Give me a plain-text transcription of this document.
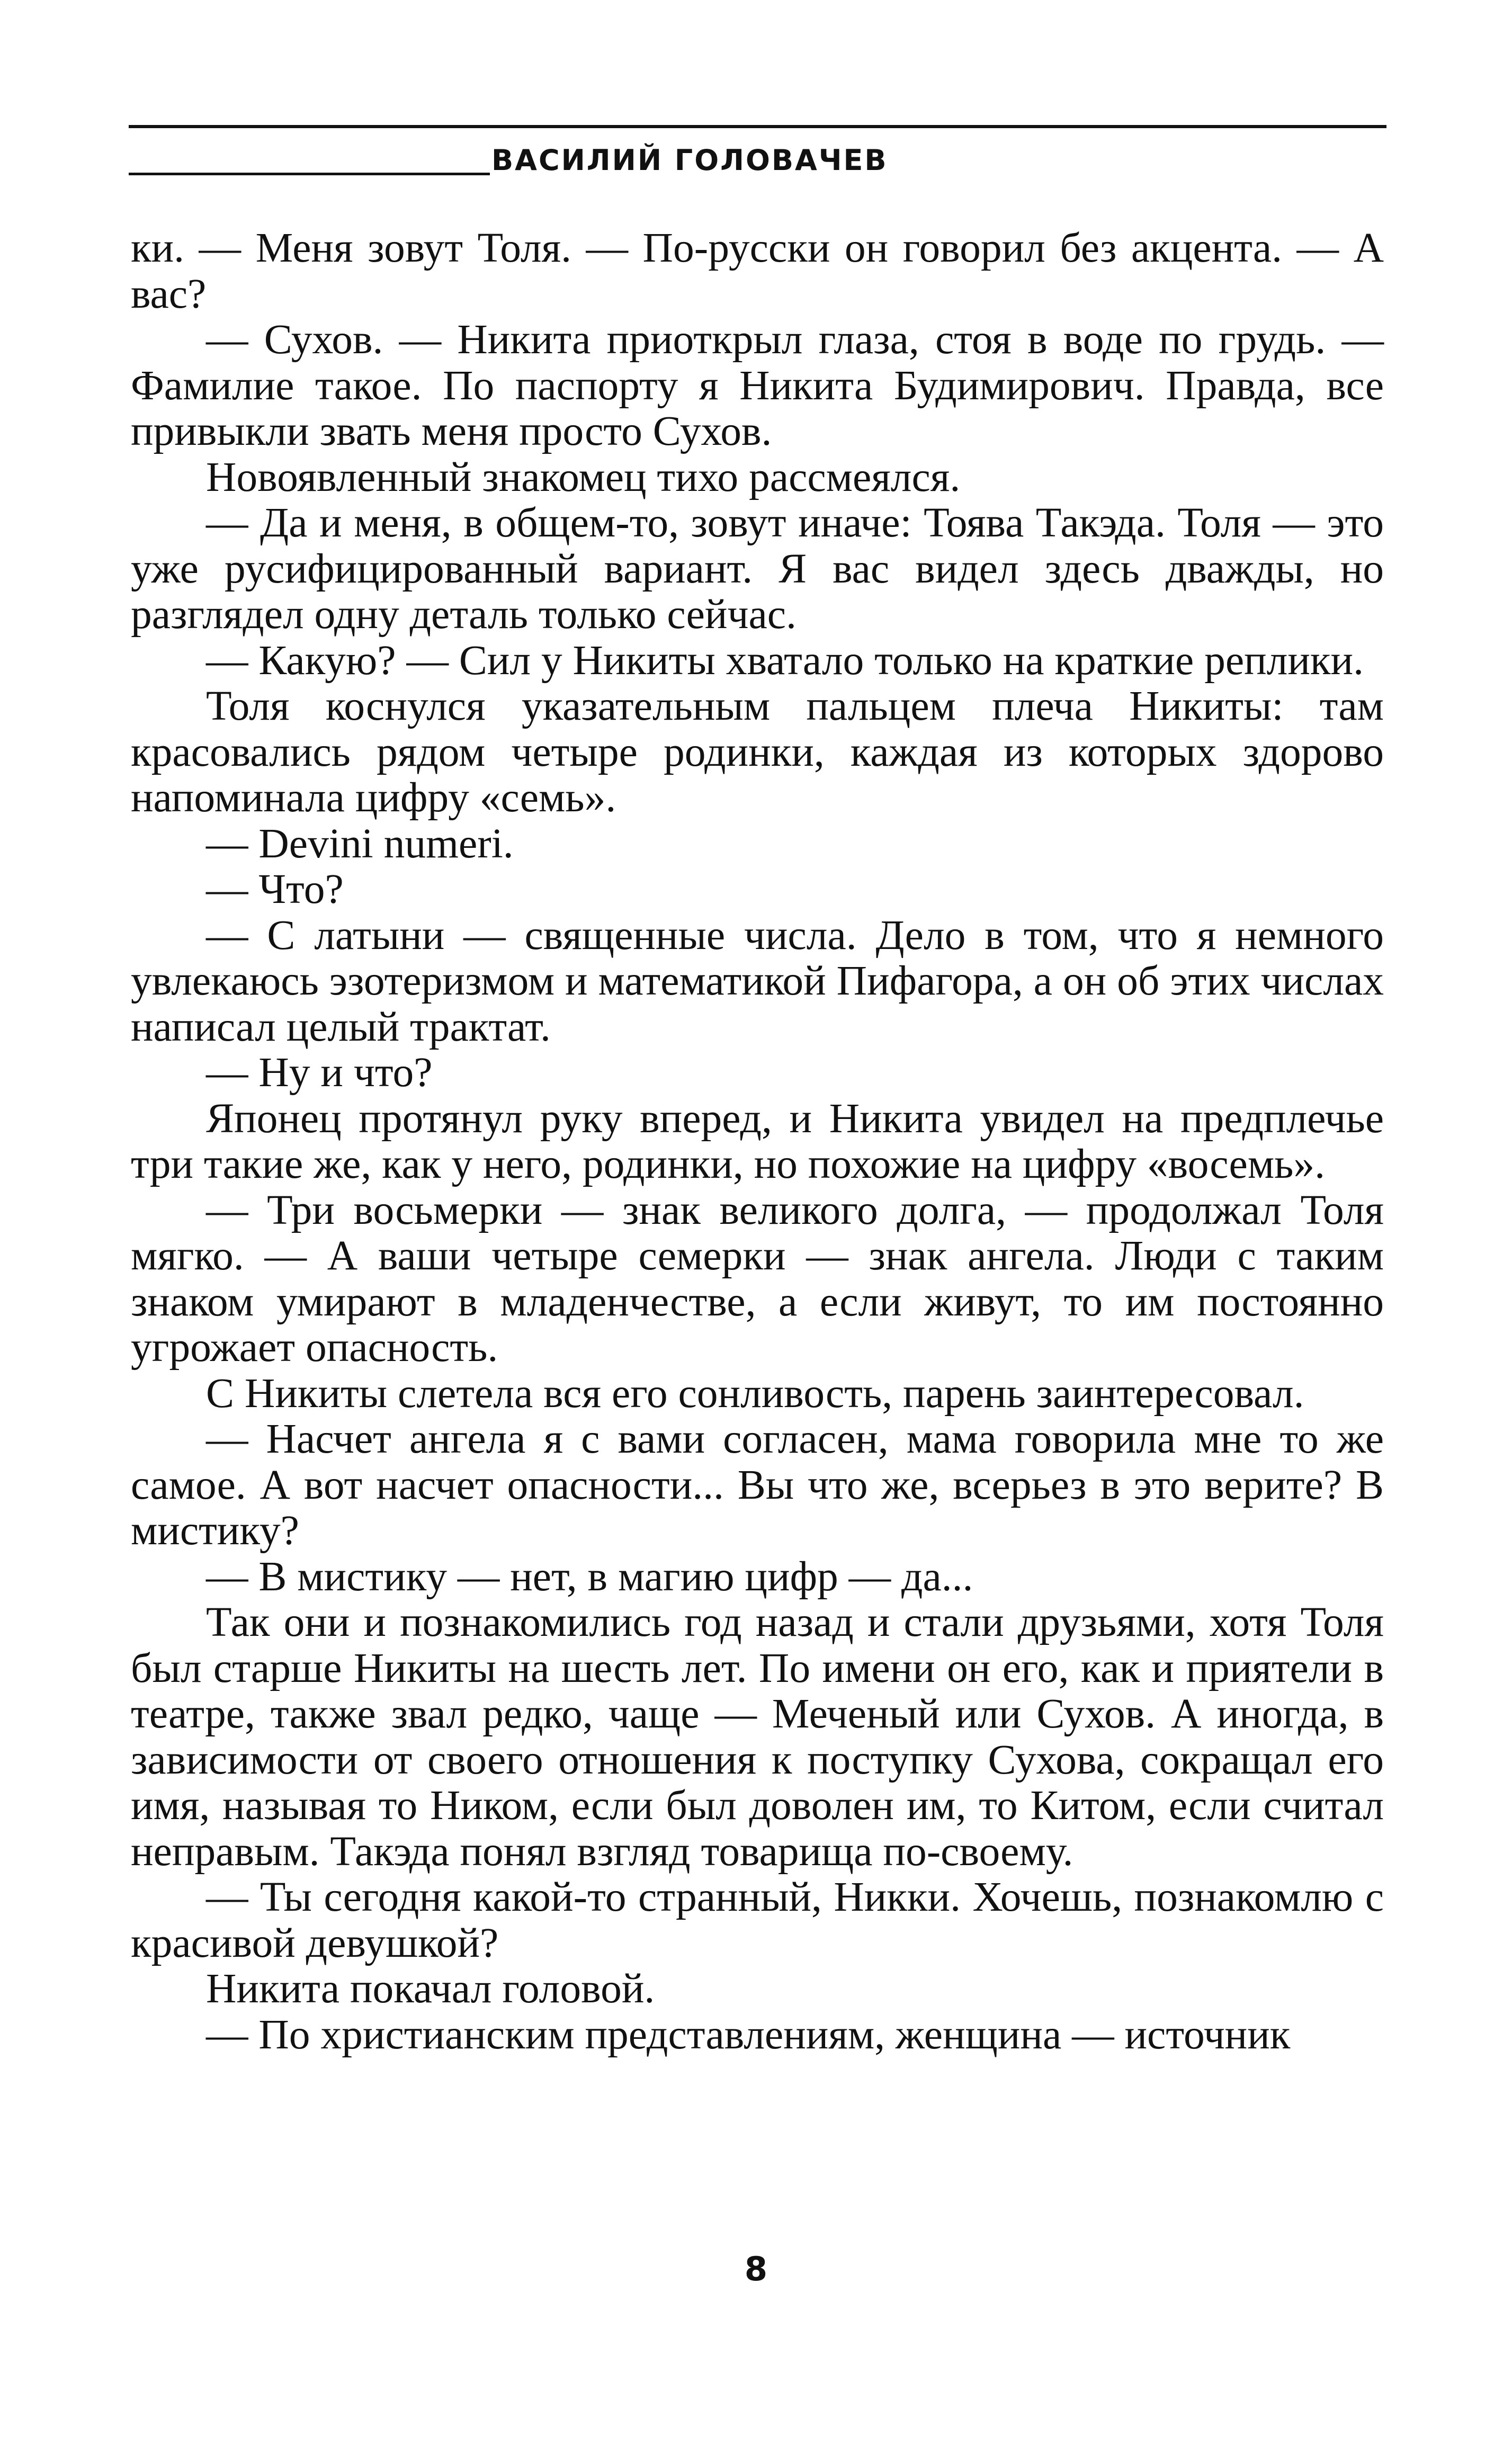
ВАСИЛИЙ ГОЛОВАЧЕВ

ки. — Меня зовут Толя. — По-русски он говорил без акцента. — А вас?

— Сухов. — Никита приоткрыл глаза, стоя в воде по грудь. — Фамилие такое. По паспорту я Никита Будимирович. Правда, все привыкли звать меня просто Сухов.

Новоявленный знакомец тихо рассмеялся.

— Да и меня, в общем-то, зовут иначе: Тоява Такэда. Толя — это уже русифицированный вариант. Я вас видел здесь дважды, но разглядел одну деталь только сейчас.

— Какую? — Сил у Никиты хватало только на краткие реплики.

Толя коснулся указательным пальцем плеча Никиты: там красовались рядом четыре родинки, каждая из которых здорово напоминала цифру «семь».

— Devini numeri.

— Что?

— С латыни — священные числа. Дело в том, что я немного увлекаюсь эзотеризмом и математикой Пифагора, а он об этих числах написал целый трактат.

— Ну и что?

Японец протянул руку вперед, и Никита увидел на предплечье три такие же, как у него, родинки, но похожие на цифру «восемь».

— Три восьмерки — знак великого долга, — продолжал Толя мягко. — А ваши четыре семерки — знак ангела. Люди с таким знаком умирают в младенчестве, а если живут, то им постоянно угрожает опасность.

С Никиты слетела вся его сонливость, парень заинтересовал.

— Насчет ангела я с вами согласен, мама говорила мне то же самое. А вот насчет опасности... Вы что же, всерьез в это верите? В мистику?

— В мистику — нет, в магию цифр — да...

Так они и познакомились год назад и стали друзьями, хотя Толя был старше Никиты на шесть лет. По имени он его, как и приятели в театре, также звал редко, чаще — Меченый или Сухов. А иногда, в зависимости от своего отношения к поступку Сухова, сокращал его имя, называя то Ником, если был доволен им, то Китом, если считал неправым. Такэда понял взгляд товарища по-своему.

— Ты сегодня какой-то странный, Никки. Хочешь, познакомлю с красивой девушкой?

Никита покачал головой.

— По христианским представлениям, женщина — источник

8
